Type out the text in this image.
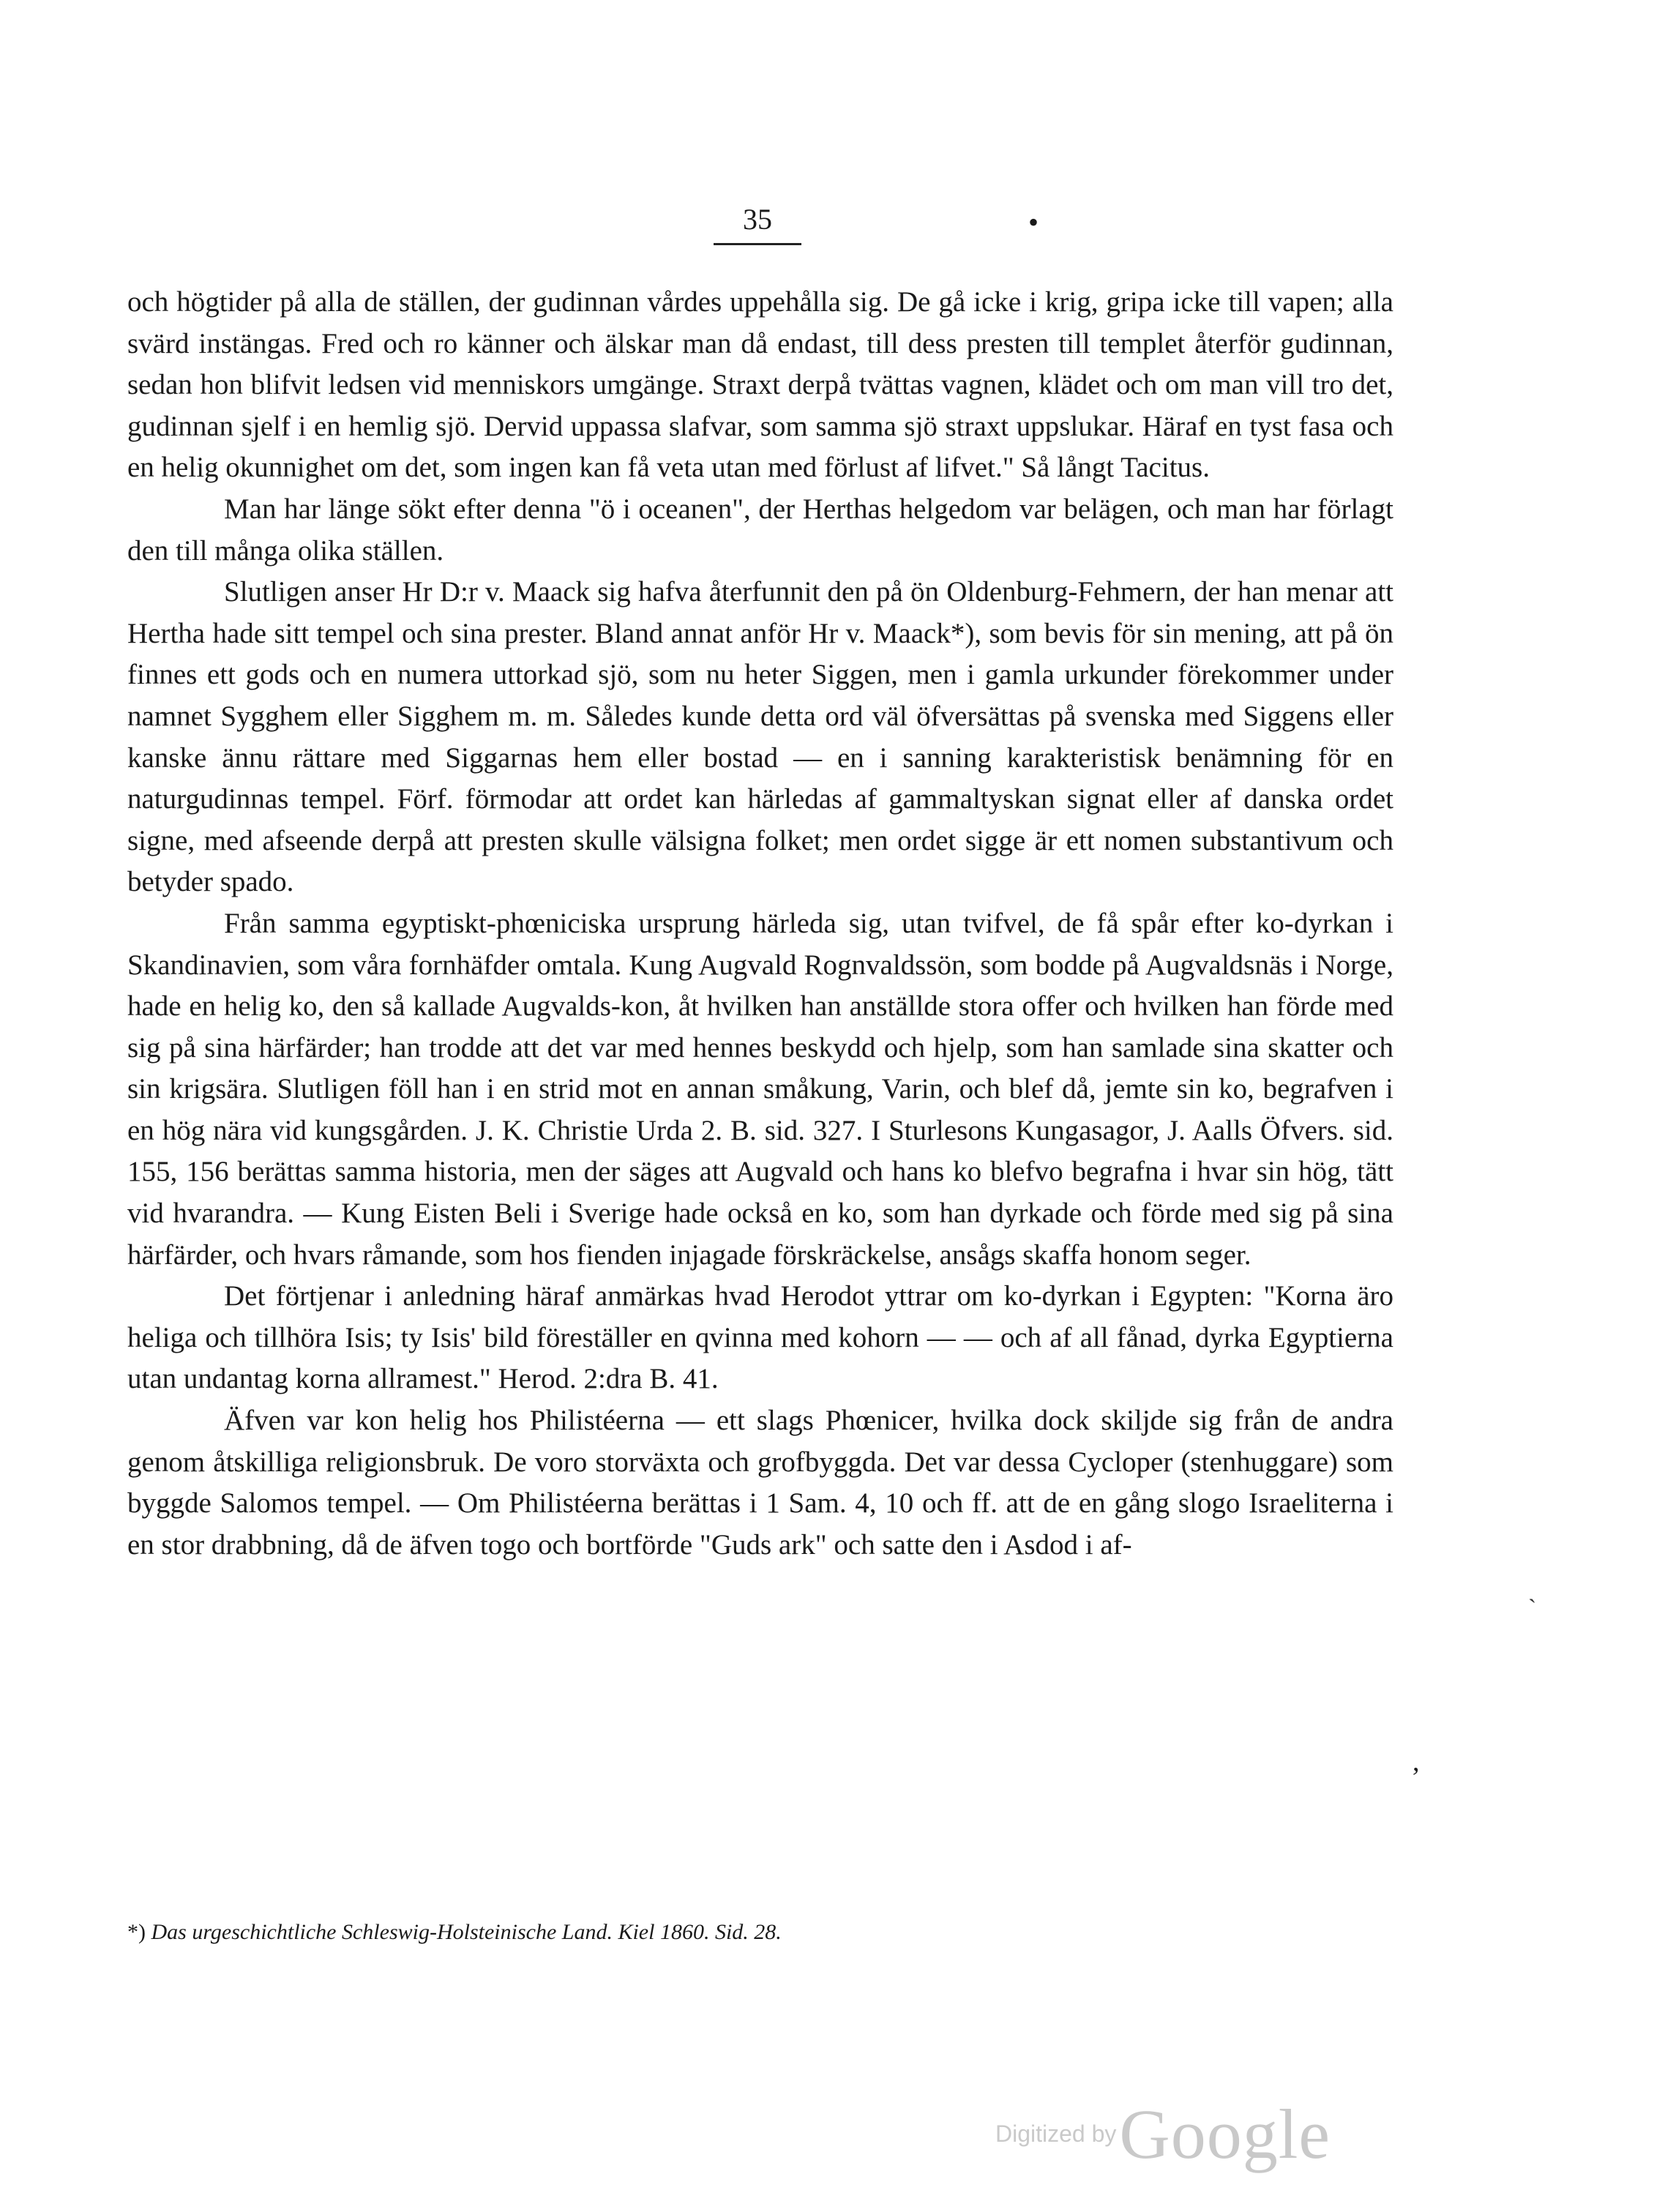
35	•
ˎ
,

och högtider på alla de ställen, der gudinnan vårdes uppehålla sig. De gå icke i krig, gripa icke till vapen; alla svärd instängas. Fred och ro känner och älskar man då endast, till dess presten till templet återför gudinnan, sedan hon blifvit ledsen vid menniskors umgänge. Straxt derpå tvättas vagnen, klädet och om man vill tro det, gudinnan sjelf i en hemlig sjö. Dervid uppassa slafvar, som samma sjö straxt uppslukar. Häraf en tyst fasa och en helig okunnighet om det, som ingen kan få veta utan med förlust af lifvet." Så långt Tacitus.

Man har länge sökt efter denna "ö i oceanen", der Herthas helgedom var belägen, och man har förlagt den till många olika ställen.

Slutligen anser Hr D:r v. Maack sig hafva återfunnit den på ön Oldenburg-Fehmern, der han menar att Hertha hade sitt tempel och sina prester. Bland annat anför Hr v. Maack*), som bevis för sin mening, att på ön finnes ett gods och en numera uttorkad sjö, som nu heter Siggen, men i gamla urkunder förekommer under namnet Sygghem eller Sigghem m. m. Således kunde detta ord väl öfversättas på svenska med Siggens eller kanske ännu rättare med Siggarnas hem eller bostad — en i sanning karakteristisk benämning för en naturgudinnas tempel. Förf. förmodar att ordet kan härledas af gammaltyskan signat eller af danska ordet signe, med afseende derpå att presten skulle välsigna folket; men ordet sigge är ett nomen substantivum och betyder spado.

Från samma egyptiskt-phœniciska ursprung härleda sig, utan tvifvel, de få spår efter ko-dyrkan i Skandinavien, som våra fornhäfder omtala. Kung Augvald Rognvaldssön, som bodde på Augvaldsnäs i Norge, hade en helig ko, den så kallade Augvalds-kon, åt hvilken han anställde stora offer och hvilken han förde med sig på sina härfärder; han trodde att det var med hennes beskydd och hjelp, som han samlade sina skatter och sin krigsära. Slutligen föll han i en strid mot en annan småkung, Varin, och blef då, jemte sin ko, begrafven i en hög nära vid kungsgården. J. K. Christie Urda 2. B. sid. 327. I Sturlesons Kungasagor, J. Aalls Öfvers. sid. 155, 156 berättas samma historia, men der säges att Augvald och hans ko blefvo begrafna i hvar sin hög, tätt vid hvarandra. — Kung Eisten Beli i Sverige hade också en ko, som han dyrkade och förde med sig på sina härfärder, och hvars råmande, som hos fienden injagade förskräckelse, ansågs skaffa honom seger.

Det förtjenar i anledning häraf anmärkas hvad Herodot yttrar om ko-dyrkan i Egypten: "Korna äro heliga och tillhöra Isis; ty Isis' bild föreställer en qvinna med kohorn — — och af all fånad, dyrka Egyptierna utan undantag korna allramest." Herod. 2:dra B. 41.

Äfven var kon helig hos Philistéerna — ett slags Phœnicer, hvilka dock skiljde sig från de andra genom åtskilliga religionsbruk. De voro storväxta och grofbyggda. Det var dessa Cycloper (stenhuggare) som byggde Salomos tempel. — Om Philistéerna berättas i 1 Sam. 4, 10 och ff. att de en gång slogo Israeliterna i en stor drabbning, då de äfven togo och bortförde "Guds ark" och satte den i Asdod i af-

*) Das urgeschichtliche Schleswig-Holsteinische Land. Kiel 1860. Sid. 28.
Digitized by Google
